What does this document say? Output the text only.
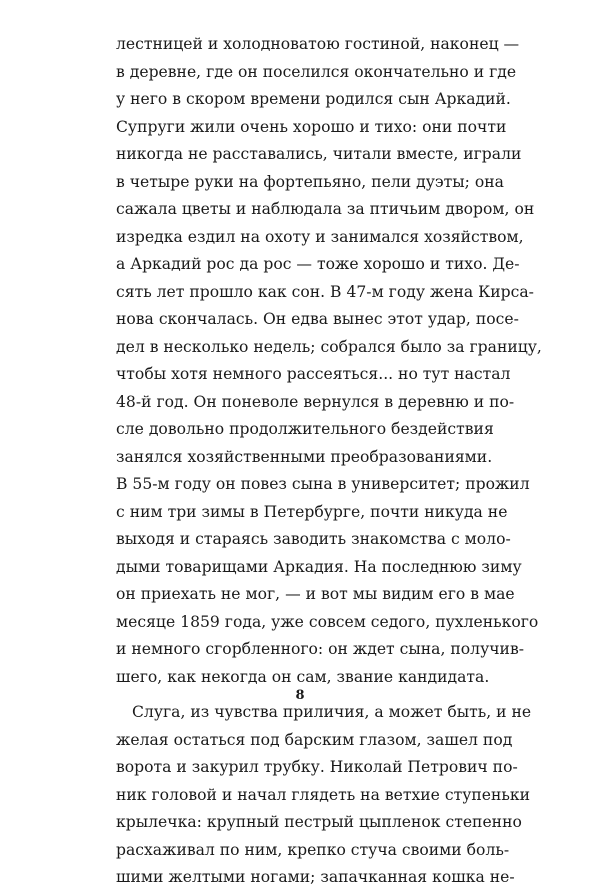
лестницей и холодноватою гостиной, наконец —
в деревне, где он поселился окончательно и где
у него в скором времени родился сын Аркадий.
Супруги жили очень хорошо и тихо: они почти
никогда не расставались, читали вместе, играли
в четыре руки на фортепьяно, пели дуэты; она
сажала цветы и наблюдала за птичьим двором, он
изредка ездил на охоту и занимался хозяйством,
а Аркадий рос да рос — тоже хорошо и тихо. Де-
сять лет прошло как сон. В 47-м году жена Кирса-
нова скончалась. Он едва вынес этот удар, посе-
дел в несколько недель; собрался было за границу,
чтобы хотя немного рассеяться... но тут настал
48-й год. Он поневоле вернулся в деревню и по-
сле довольно продолжительного бездействия
занялся хозяйственными преобразованиями.
В 55-м году он повез сына в университет; прожил
с ним три зимы в Петербурге, почти никуда не
выходя и стараясь заводить знакомства с моло-
дыми товарищами Аркадия. На последнюю зиму
он приехать не мог, — и вот мы видим его в мае
месяце 1859 года, уже совсем седого, пухленького
и немного сгорбленного: он ждет сына, получив-
шего, как некогда он сам, звание кандидата.
Слуга, из чувства приличия, а может быть, и не
желая остаться под барским глазом, зашел под
ворота и закурил трубку. Николай Петрович по-
ник головой и начал глядеть на ветхие ступеньки
крылечка: крупный пестрый цыпленок степенно
расхаживал по ним, крепко стуча своими боль-
шими желтыми ногами; запачканная кошка не-
8
